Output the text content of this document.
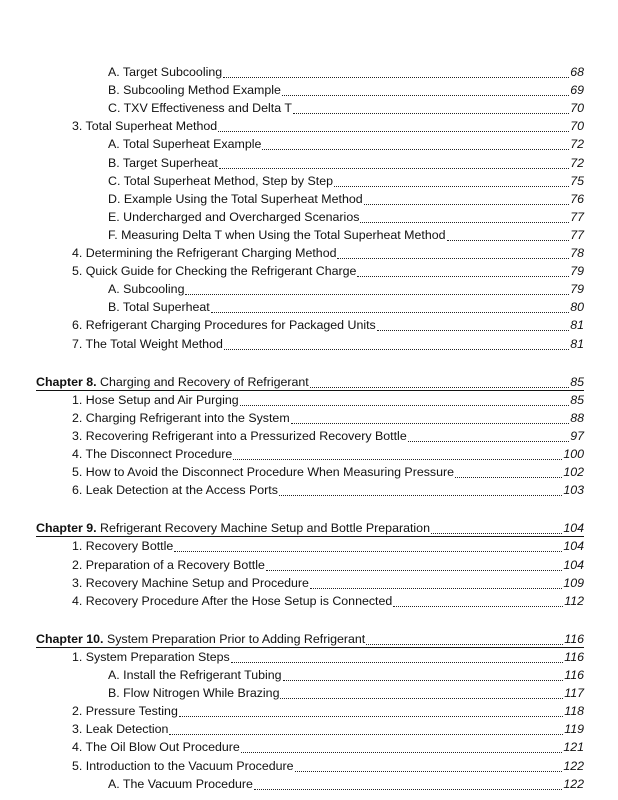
A. Target Subcooling	68
B. Subcooling Method Example	69
C. TXV Effectiveness and Delta T	70
3. Total Superheat Method	70
A. Total Superheat Example	72
B. Target Superheat	72
C. Total Superheat Method, Step by Step	75
D. Example Using the Total Superheat Method	76
E. Undercharged and Overcharged Scenarios	77
F. Measuring Delta T when Using the Total Superheat Method	77
4. Determining the Refrigerant Charging Method	78
5. Quick Guide for Checking the Refrigerant Charge	79
A. Subcooling	79
B. Total Superheat	80
6. Refrigerant Charging Procedures for Packaged Units	81
7. The Total Weight Method	81
Chapter 8. Charging and Recovery of Refrigerant	85
1. Hose Setup and Air Purging	85
2. Charging Refrigerant into the System	88
3. Recovering Refrigerant into a Pressurized Recovery Bottle	97
4. The Disconnect Procedure	100
5. How to Avoid the Disconnect Procedure When Measuring Pressure	102
6. Leak Detection at the Access Ports	103
Chapter 9. Refrigerant Recovery Machine Setup and Bottle Preparation	104
1. Recovery Bottle	104
2. Preparation of a Recovery Bottle	104
3. Recovery Machine Setup and Procedure	109
4. Recovery Procedure After the Hose Setup is Connected	112
Chapter 10. System Preparation Prior to Adding Refrigerant	116
1. System Preparation Steps	116
A. Install the Refrigerant Tubing	116
B. Flow Nitrogen While Brazing	117
2. Pressure Testing	118
3. Leak Detection	119
4. The Oil Blow Out Procedure	121
5. Introduction to the Vacuum Procedure	122
A. The Vacuum Procedure	122
